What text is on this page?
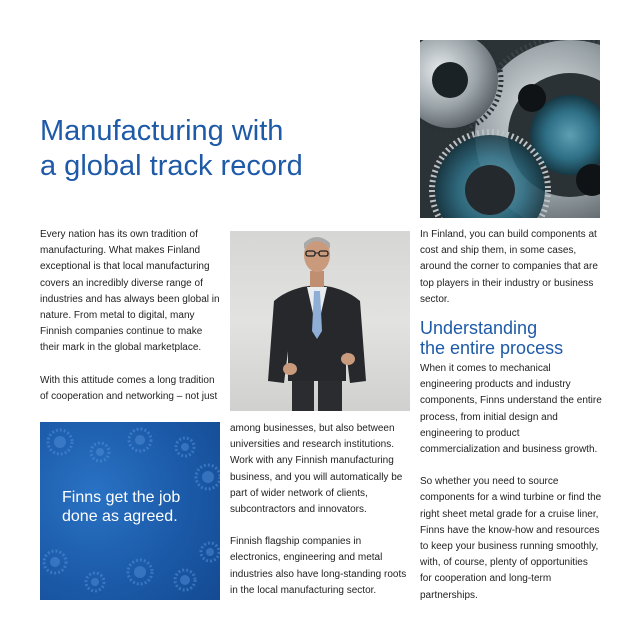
Manufacturing with
a global track record

Every nation has its own tradition of manufacturing. What makes Finland exceptional is that local manufacturing covers an incredibly diverse range of industries and has always been global in nature. From metal to digital, many Finnish companies continue to make their mark in the global marketplace.

With this attitude comes a long tradition of cooperation and networking – not just

among businesses, but also between universities and research institutions. Work with any Finnish manufacturing business, and you will automatically be part of wider network of clients, subcontractors and innovators.

Finnish flagship companies in electronics, engineering and metal industries also have long-standing roots in the local manufacturing sector.

Finns get the job done as agreed.

In Finland, you can build components at cost and ship them, in some cases, around the corner to companies that are top players in their industry or business sector.

Understanding
the entire process

When it comes to mechanical engineering products and industry components, Finns understand the entire process, from initial design and engineering to product commercialization and business growth.

So whether you need to source components for a wind turbine or find the right sheet metal grade for a cruise liner, Finns have the know-how and resources to keep your business running smoothly, with, of course, plenty of opportunities for cooperation and long-term partnerships.
